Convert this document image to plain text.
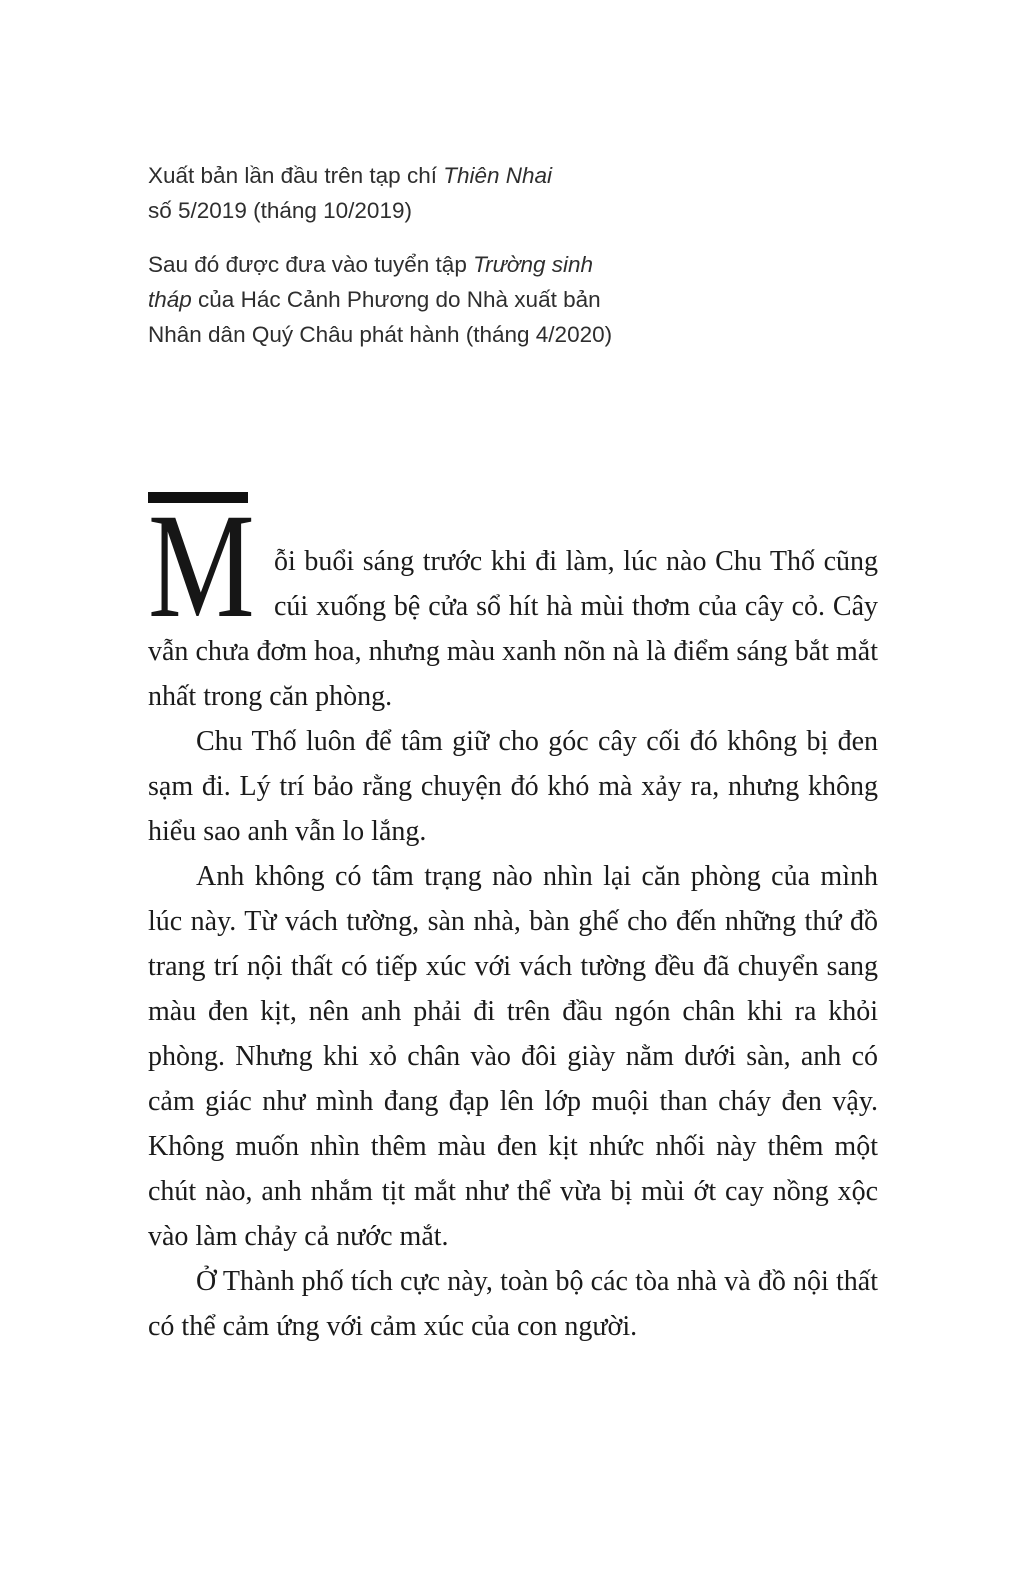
Xuất bản lần đầu trên tạp chí Thiên Nhai
số 5/2019 (tháng 10/2019)

Sau đó được đưa vào tuyển tập Trường sinh tháp của Hác Cảnh Phương do Nhà xuất bản Nhân dân Quý Châu phát hành (tháng 4/2020)

M ỗi buổi sáng trước khi đi làm, lúc nào Chu Thố cũng cúi xuống bệ cửa sổ hít hà mùi thơm của cây cỏ. Cây vẫn chưa đơm hoa, nhưng màu xanh nõn nà là điểm sáng bắt mắt nhất trong căn phòng.

Chu Thố luôn để tâm giữ cho góc cây cối đó không bị đen sạm đi. Lý trí bảo rằng chuyện đó khó mà xảy ra, nhưng không hiểu sao anh vẫn lo lắng.

Anh không có tâm trạng nào nhìn lại căn phòng của mình lúc này. Từ vách tường, sàn nhà, bàn ghế cho đến những thứ đồ trang trí nội thất có tiếp xúc với vách tường đều đã chuyển sang màu đen kịt, nên anh phải đi trên đầu ngón chân khi ra khỏi phòng. Nhưng khi xỏ chân vào đôi giày nằm dưới sàn, anh có cảm giác như mình đang đạp lên lớp muội than cháy đen vậy. Không muốn nhìn thêm màu đen kịt nhức nhối này thêm một chút nào, anh nhắm tịt mắt như thể vừa bị mùi ớt cay nồng xộc vào làm chảy cả nước mắt.

Ở Thành phố tích cực này, toàn bộ các tòa nhà và đồ nội thất có thể cảm ứng với cảm xúc của con người.
